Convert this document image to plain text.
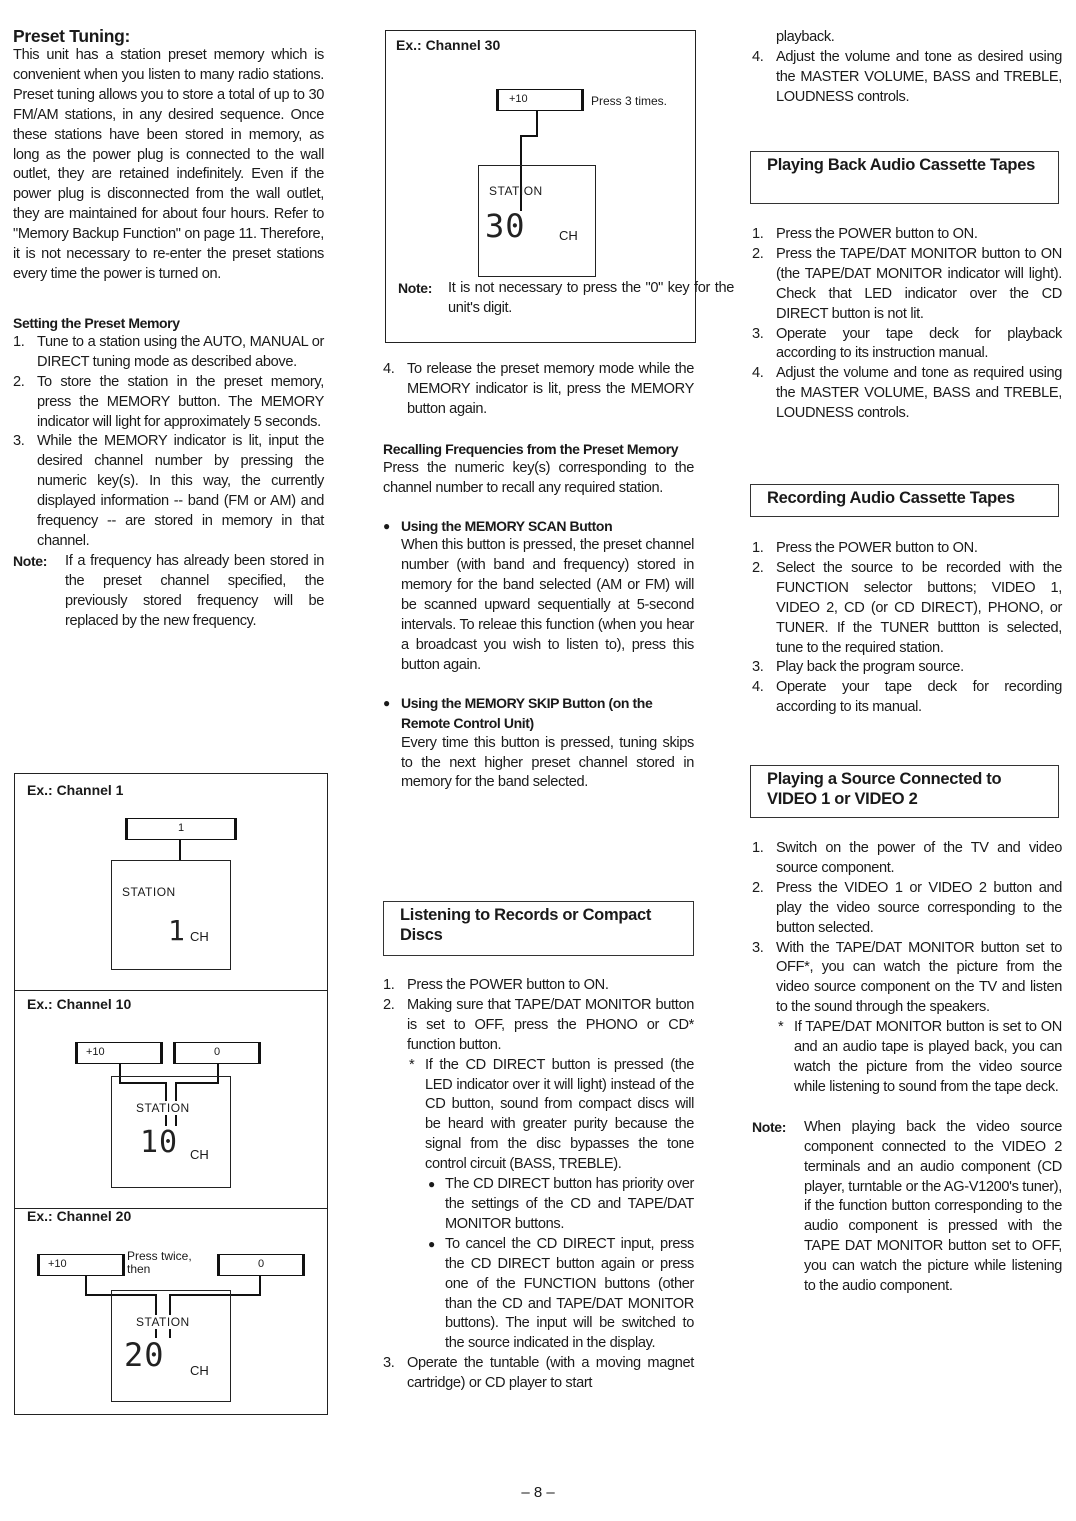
Preset Tuning:

This unit has a station preset memory which is convenient when you listen to many radio stations. Preset tuning allows you to store a total of up to 30 FM/AM stations, in any desired sequence. Once these stations have been stored in memory, as long as the power plug is connected to the wall outlet, they are retained indefinitely. Even if the power plug is disconnected from the wall outlet, they are maintained for about four hours. Refer to "Memory Backup Function" on page 11. Therefore, it is not necessary to re-enter the preset stations every time the power is turned on.

Setting the Preset Memory

1. Tune to a station using the AUTO, MANUAL or DIRECT tuning mode as described above.
2. To store the station in the preset memory, press the MEMORY button. The MEMORY indicator will light for approximately 5 seconds.
3. While the MEMORY indicator is lit, input the desired channel number by pressing the numeric key(s). In this way, the currently displayed information -- band (FM or AM) and frequency -- are stored in memory in that channel.
Note: If a frequency has already been stored in the preset channel specified, the previously stored frequency will be replaced by the new frequency.
Ex.: Channel 1
1
STATION
1 CH
Ex.: Channel 10
+10	0
STATION
10 CH
Ex.: Channel 20
+10
Press twice, then	0
STATION
20 CH
Ex.: Channel 30
+10	Press 3 times.
STATION
30	CH
Note: It is not necessary to press the "0" key for the unit's digit.
4. To release the preset memory mode while the MEMORY indicator is lit, press the MEMORY button again.

Recalling Frequencies from the Preset Memory

Press the numeric key(s) corresponding to the channel number to recall any required station.

● Using the MEMORY SCAN Button
When this button is pressed, the preset channel number (with band and frequency) stored in memory for the band selected (AM or FM) will be scanned upward sequentially at 5-second intervals. To releae this function (when you hear a broadcast you wish to listen to), press this button again.
● Using the MEMORY SKIP Button (on the Remote Control Unit)
Every time this button is pressed, tuning skips to the next higher preset channel stored in memory for the band selected.
Listening to Records or Compact Discs
1. Press the POWER button to ON.
2. Making sure that TAPE/DAT MONITOR button is set to OFF, press the PHONO or CD* function button.
* If the CD DIRECT button is pressed (the LED indicator over it will light) instead of the CD button, sound from compact discs will be heard with greater purity because the signal from the disc bypasses the tone control circuit (BASS, TREBLE).
● The CD DIRECT button has priority over the settings of the CD and TAPE/DAT MONITOR buttons.
● To cancel the CD DIRECT input, press the CD DIRECT button again or press one of the FUNCTION buttons (other than the CD and TAPE/DAT MONITOR buttons). The input will be switched to the source indicated in the display.
3. Operate the tuntable (with a moving magnet cartridge) or CD player to start
playback.
4. Adjust the volume and tone as desired using the MASTER VOLUME, BASS and TREBLE, LOUDNESS controls.
Playing Back Audio Cassette Tapes
1. Press the POWER button to ON.
2. Press the TAPE/DAT MONITOR button to ON (the TAPE/DAT MONITOR indicator will light). Check that LED indicator over the CD DIRECT button is not lit.
3. Operate your tape deck for playback according to its instruction manual.
4. Adjust the volume and tone as required using the MASTER VOLUME, BASS and TREBLE, LOUDNESS controls.
Recording Audio Cassette Tapes
1. Press the POWER button to ON.
2. Select the source to be recorded with the FUNCTION selector buttons; VIDEO 1, VIDEO 2, CD (or CD DIRECT), PHONO, or TUNER. If the TUNER buttton is selected, tune to the required station.
3. Play back the program source.
4. Operate your tape deck for recording according to its manual.
Playing a Source Connected to VIDEO 1 or VIDEO 2
1. Switch on the power of the TV and video source component.
2. Press the VIDEO 1 or VIDEO 2 button and play the video source corresponding to the button selected.
3. With the TAPE/DAT MONITOR button set to OFF*, you can watch the picture from the video source component on the TV and listen to the sound through the speakers.
* If TAPE/DAT MONITOR button is set to ON and an audio tape is played back, you can watch the picture from the video source while listening to sound from the tape deck.
Note: When playing back the video source component connected to the VIDEO 2 terminals and an audio component (CD player, turntable or the AG-V1200's tuner), if the function button corresponding to the audio component is pressed with the TAPE DAT MONITOR button set to OFF, you can watch the picture while listening to the audio component.
– 8 –
